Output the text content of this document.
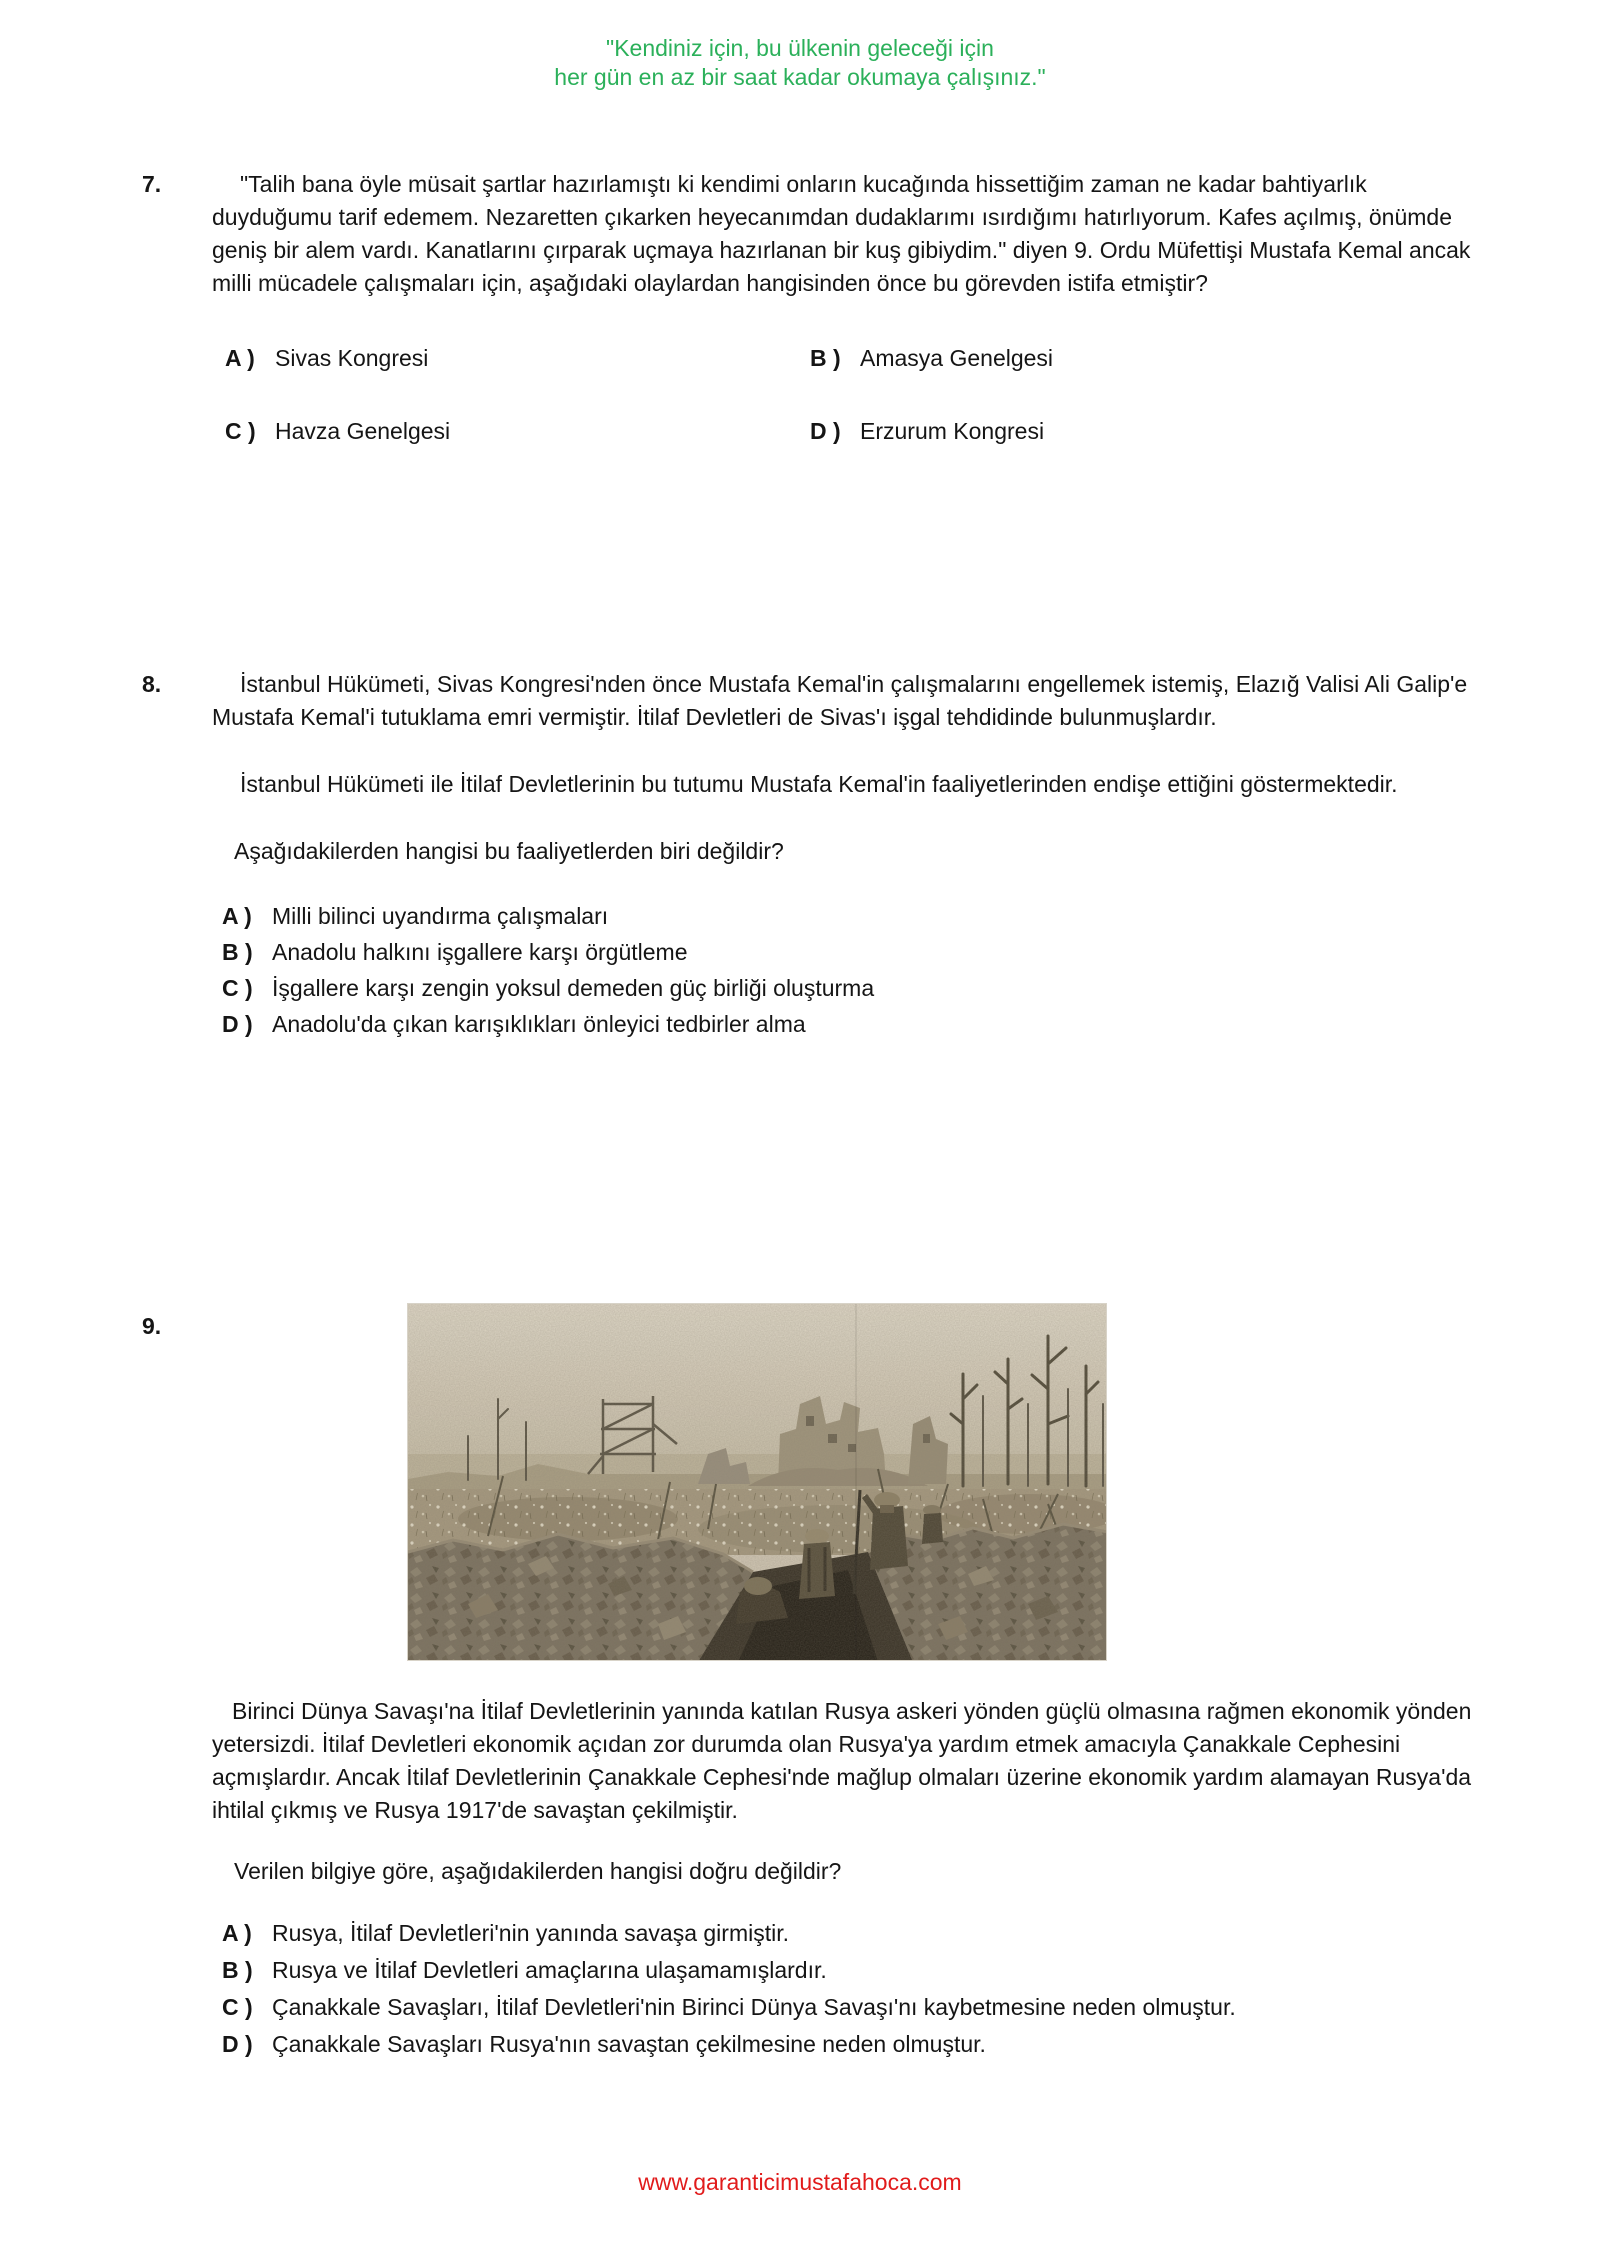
"Kendiniz için, bu ülkenin geleceği için
her gün en az bir saat kadar okumaya çalışınız."
7.	"Talih bana öyle müsait şartlar hazırlamıştı ki kendimi onların kucağında hissettiğim zaman ne kadar bahtiyarlık duyduğumu tarif edemem. Nezaretten çıkarken heyecanımdan dudaklarımı ısırdığımı hatırlıyorum. Kafes açılmış, önümde geniş bir alem vardı. Kanatlarını çırparak uçmaya hazırlanan bir kuş gibiydim." diyen 9. Ordu Müfettişi Mustafa Kemal ancak milli mücadele çalışmaları için, aşağıdaki olaylardan hangisinden önce bu görevden istifa etmiştir?
A ) Sivas Kongresi	B ) Amasya Genelgesi
C ) Havza Genelgesi	D ) Erzurum Kongresi
8.	İstanbul Hükümeti, Sivas Kongresi'nden önce Mustafa Kemal'in çalışmalarını engellemek istemiş, Elazığ Valisi Ali Galip'e Mustafa Kemal'i tutuklama emri vermiştir. İtilaf Devletleri de Sivas'ı işgal tehdidinde bulunmuşlardır.
İstanbul Hükümeti ile İtilaf Devletlerinin bu tutumu Mustafa Kemal'in faaliyetlerinden endişe ettiğini göstermektedir.
Aşağıdakilerden hangisi bu faaliyetlerden biri değildir?
A ) Milli bilinci uyandırma çalışmaları
B ) Anadolu halkını işgallere karşı örgütleme
C ) İşgallere karşı zengin yoksul demeden güç birliği oluşturma
D ) Anadolu'da çıkan karışıklıkları önleyici tedbirler alma
9.
Birinci Dünya Savaşı'na İtilaf Devletlerinin yanında katılan Rusya askeri yönden güçlü olmasına rağmen ekonomik yönden yetersizdi. İtilaf Devletleri ekonomik açıdan zor durumda olan Rusya'ya yardım etmek amacıyla Çanakkale Cephesini açmışlardır. Ancak İtilaf Devletlerinin Çanakkale Cephesi'nde mağlup olmaları üzerine ekonomik yardım alamayan Rusya'da ihtilal çıkmış ve Rusya 1917'de savaştan çekilmiştir.
Verilen bilgiye göre, aşağıdakilerden hangisi doğru değildir?
A ) Rusya, İtilaf Devletleri'nin yanında savaşa girmiştir.
B ) Rusya ve İtilaf Devletleri amaçlarına ulaşamamışlardır.
C ) Çanakkale Savaşları, İtilaf Devletleri'nin Birinci Dünya Savaşı'nı kaybetmesine neden olmuştur.
D ) Çanakkale Savaşları Rusya'nın savaştan çekilmesine neden olmuştur.
www.garanticimustafahoca.com
